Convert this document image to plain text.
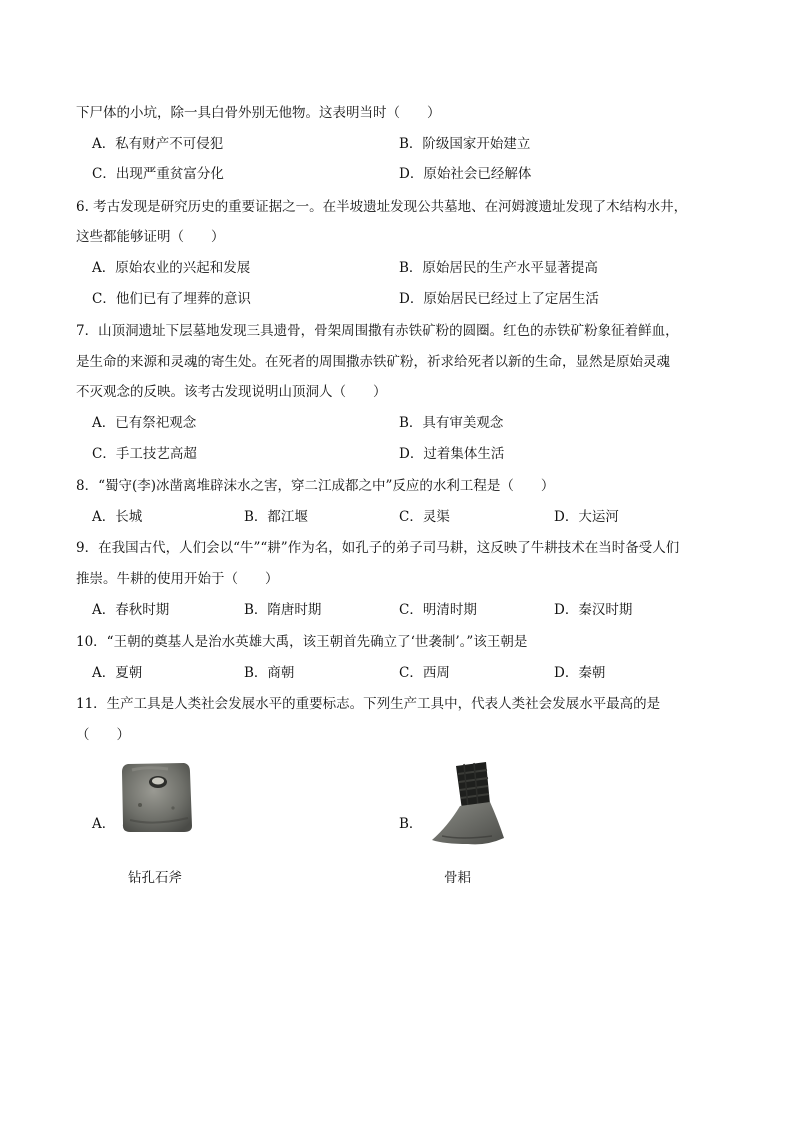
下尸体的小坑，除一具白骨外别无他物。这表明当时（　　）
A．私有财产不可侵犯	B．阶级国家开始建立
C．出现严重贫富分化	D．原始社会已经解体
6. 考古发现是研究历史的重要证据之一。在半坡遗址发现公共墓地、在河姆渡遗址发现了木结构水井，
这些都能够证明（　　）
A．原始农业的兴起和发展	B．原始居民的生产水平显著提高
C．他们已有了埋葬的意识	D．原始居民已经过上了定居生活
7．山顶洞遗址下层墓地发现三具遗骨，骨架周围撒有赤铁矿粉的圆圈。红色的赤铁矿粉象征着鲜血，
是生命的来源和灵魂的寄生处。在死者的周围撒赤铁矿粉，祈求给死者以新的生命，显然是原始灵魂
不灭观念的反映。该考古发现说明山顶洞人（　　）
A．已有祭祀观念	B．具有审美观念
C．手工技艺高超	D．过着集体生活
8．“蜀守(李)冰凿离堆辟沫水之害，穿二江成都之中”反应的水利工程是（　　）
A．长城	B．都江堰	C．灵渠	D．大运河
9．在我国古代，人们会以“牛”“耕”作为名，如孔子的弟子司马耕，这反映了牛耕技术在当时备受人们
推崇。牛耕的使用开始于（　　）
A．春秋时期	B．隋唐时期	C．明清时期	D．秦汉时期
10．“王朝的奠基人是治水英雄大禹，该王朝首先确立了‘世袭制’。”该王朝是
A．夏朝	B．商朝	C．西周	D．秦朝
11．生产工具是人类社会发展水平的重要标志。下列生产工具中，代表人类社会发展水平最高的是
（　　）
A．
钻孔石斧
B．
骨耜
